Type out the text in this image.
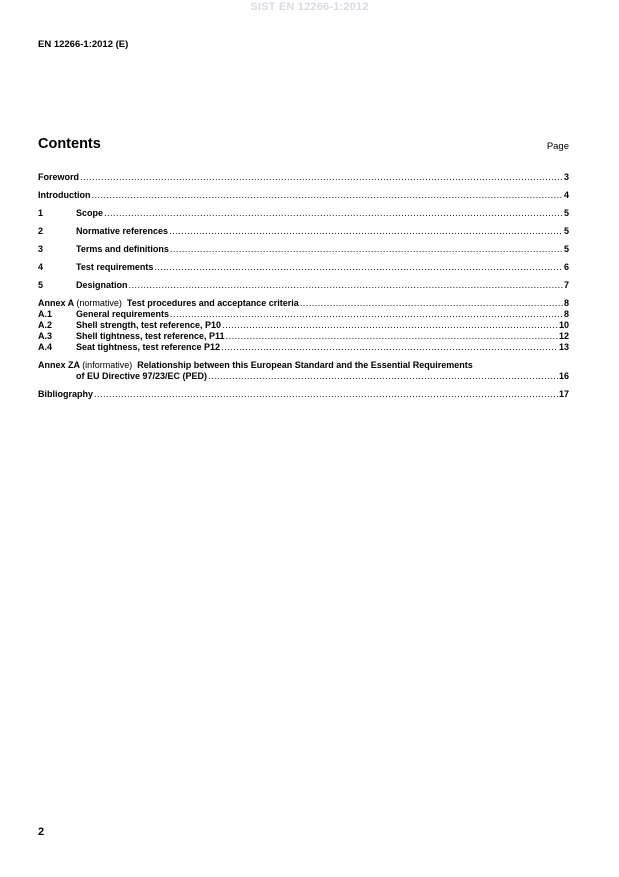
SIST EN 12266-1:2012
EN 12266-1:2012 (E)
Contents	Page
Foreword .....	3
Introduction .....	4
1	Scope .....	5
2	Normative references .....	5
3	Terms and definitions .....	5
4	Test requirements .....	6
5	Designation .....	7
Annex A (normative) Test procedures and acceptance criteria .....	8
A.1	General requirements .....	8
A.2	Shell strength, test reference, P10 .....	10
A.3	Shell tightness, test reference, P11 .....	12
A.4	Seat tightness, test reference P12 .....	13
Annex ZA (informative) Relationship between this European Standard and the Essential Requirements
of EU Directive 97/23/EC (PED) .....	16
Bibliography .....	17
2
